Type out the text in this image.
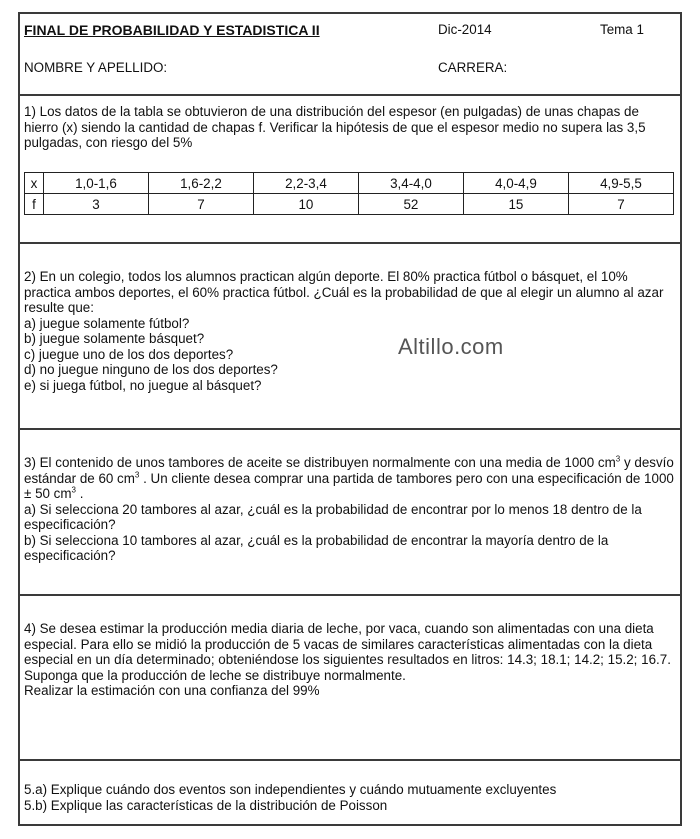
FINAL DE PROBABILIDAD Y ESTADISTICA II	Dic-2014	Tema 1
NOMBRE Y APELLIDO:	CARRERA:
1) Los datos de la tabla se obtuvieron de una distribución del espesor (en pulgadas) de unas chapas de hierro (x) siendo la cantidad de chapas f. Verificar la hipótesis de que el espesor medio no supera las 3,5 pulgadas, con riesgo del 5%
x	1,0-1,6	1,6-2,2	2,2-3,4	3,4-4,0	4,0-4,9	4,9-5,5
f	3	7	10	52	15	7

2) En un colegio, todos los alumnos practican algún deporte. El 80% practica fútbol o básquet, el 10% practica ambos deportes, el 60% practica fútbol. ¿Cuál es la probabilidad de que al elegir un alumno al azar resulte que:

a) juegue solamente fútbol?

b) juegue solamente básquet?

c) juegue uno de los dos deportes?

d) no juegue ninguno de los dos deportes?

e) si juega fútbol, no juegue al básquet?

3) El contenido de unos tambores de aceite se distribuyen normalmente con una media de 1000 $cm^3$ y desvío estándar de 60 $cm^3$ . Un cliente desea comprar una partida de tambores pero con una especificación de 1000 ± 50 $cm^3$ .

a) Si selecciona 20 tambores al azar, ¿cuál es la probabilidad de encontrar por lo menos 18 dentro de la especificación?

b) Si selecciona 10 tambores al azar, ¿cuál es la probabilidad de encontrar la mayoría dentro de la especificación?

4) Se desea estimar la producción media diaria de leche, por vaca, cuando son alimentadas con una dieta especial. Para ello se midió la producción de 5 vacas de similares características alimentadas con la dieta especial en un día determinado; obteniéndose los siguientes resultados en litros: 14.3; 18.1; 14.2; 15.2; 16.7. Suponga que la producción de leche se distribuye normalmente.

Realizar la estimación con una confianza del 99%

5.a) Explique cuándo dos eventos son independientes y cuándo mutuamente excluyentes

5.b) Explique las características de la distribución de Poisson

Altillo.com
